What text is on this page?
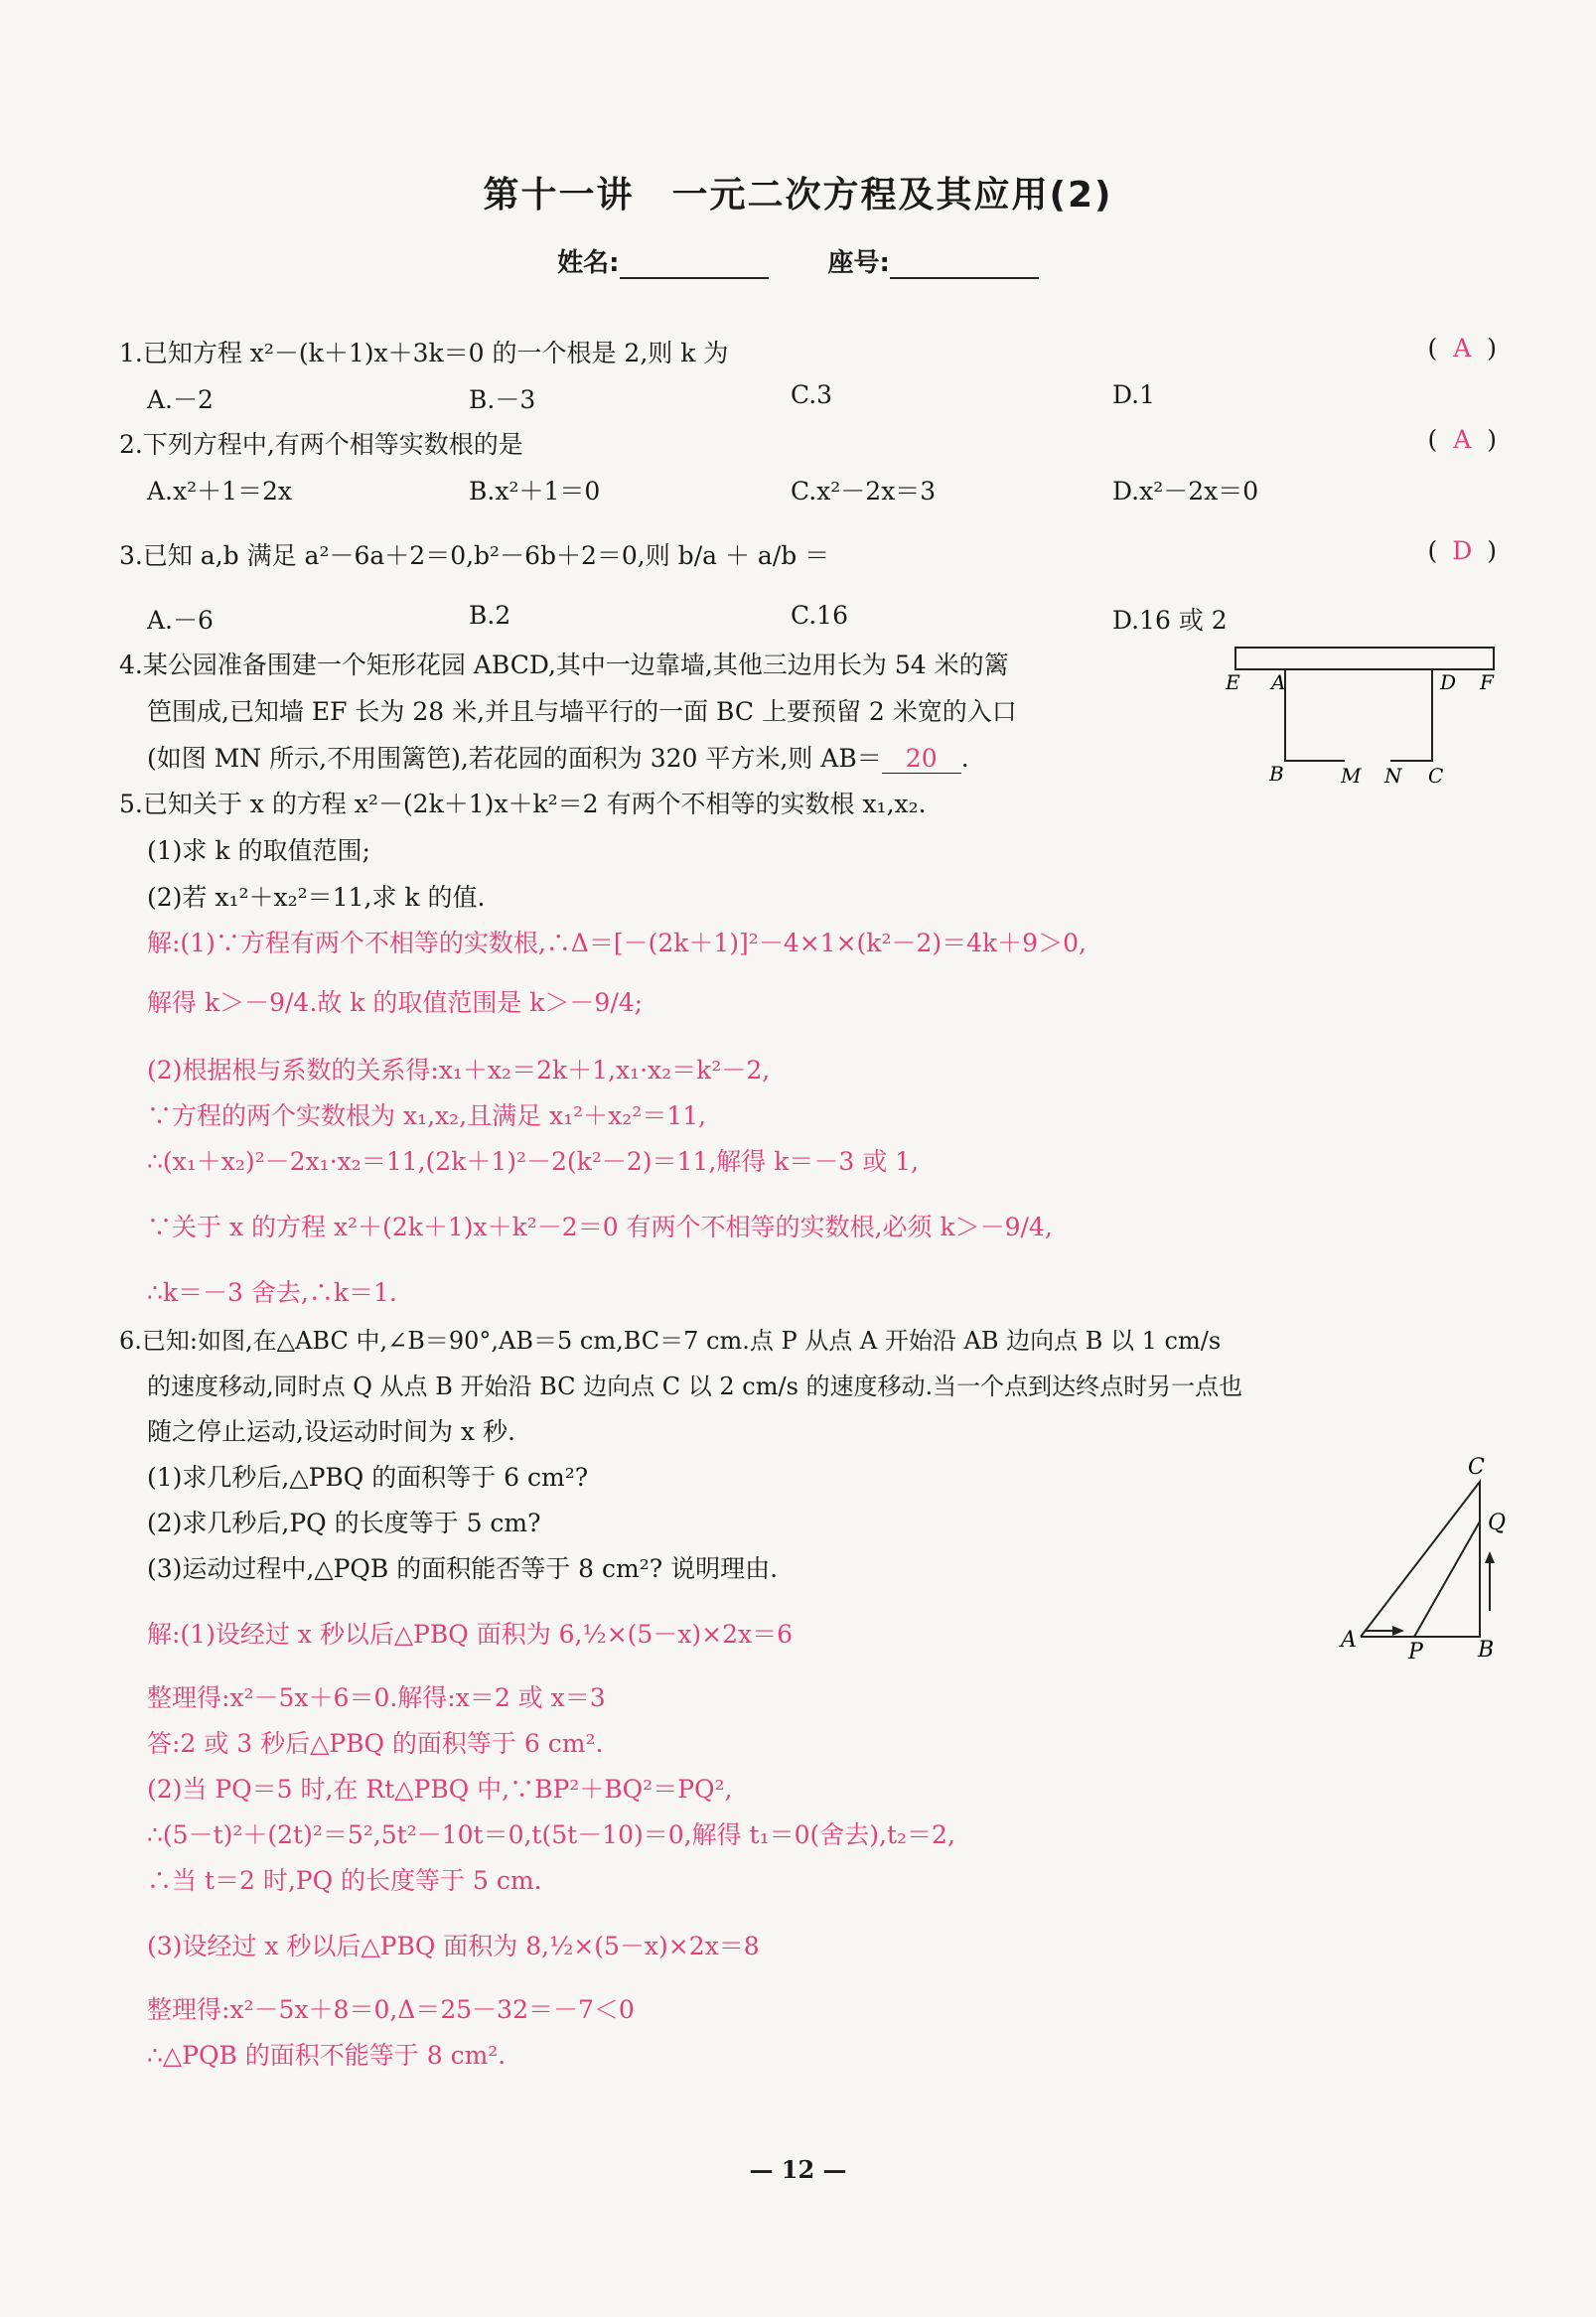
第十一讲　一元二次方程及其应用(2)
姓名:	座号:
1.已知方程 x²－(k＋1)x＋3k＝0 的一个根是 2,则 k 为	( A )
A.－2	B.－3	C.3	D.1
2.下列方程中,有两个相等实数根的是	( A )
A.x²＋1＝2x	B.x²＋1＝0	C.x²－2x＝3	D.x²－2x＝0
3.已知 a,b 满足 a²－6a＋2＝0,b²－6b＋2＝0,则 b/a ＋ a/b ＝	( D )
A.－6	B.2	C.16	D.16 或 2
4.某公园准备围建一个矩形花园 ABCD,其中一边靠墙,其他三边用长为 54 米的篱
笆围成,已知墙 EF 长为 28 米,并且与墙平行的一面 BC 上要预留 2 米宽的入口
(如图 MN 所示,不用围篱笆),若花园的面积为 320 平方米,则 AB＝ 20 .
E A	D F
B	M N C
5.已知关于 x 的方程 x²－(2k＋1)x＋k²＝2 有两个不相等的实数根 x₁,x₂.
(1)求 k 的取值范围;
(2)若 x₁²＋x₂²＝11,求 k 的值.
解:(1)∵方程有两个不相等的实数根,∴Δ＝[－(2k＋1)]²－4×1×(k²－2)＝4k＋9＞0,
解得 k＞－9/4.故 k 的取值范围是 k＞－9/4;
(2)根据根与系数的关系得:x₁＋x₂＝2k＋1,x₁·x₂＝k²－2,
∵方程的两个实数根为 x₁,x₂,且满足 x₁²＋x₂²＝11,
∴(x₁＋x₂)²－2x₁·x₂＝11,(2k＋1)²－2(k²－2)＝11,解得 k＝－3 或 1,
∵关于 x 的方程 x²＋(2k＋1)x＋k²－2＝0 有两个不相等的实数根,必须 k＞－9/4,
∴k＝－3 舍去,∴k＝1.
6.已知:如图,在△ABC 中,∠B＝90°,AB＝5 cm,BC＝7 cm.点 P 从点 A 开始沿 AB 边向点 B 以 1 cm/s
的速度移动,同时点 Q 从点 B 开始沿 BC 边向点 C 以 2 cm/s 的速度移动.当一个点到达终点时另一点也
随之停止运动,设运动时间为 x 秒.
(1)求几秒后,△PBQ 的面积等于 6 cm²?
(2)求几秒后,PQ 的长度等于 5 cm?
(3)运动过程中,△PQB 的面积能否等于 8 cm²? 说明理由.
C
Q
A P	B
解:(1)设经过 x 秒以后△PBQ 面积为 6,½×(5－x)×2x＝6
整理得:x²－5x＋6＝0.解得:x＝2 或 x＝3
答:2 或 3 秒后△PBQ 的面积等于 6 cm².
(2)当 PQ＝5 时,在 Rt△PBQ 中,∵BP²＋BQ²＝PQ²,
∴(5－t)²＋(2t)²＝5²,5t²－10t＝0,t(5t－10)＝0,解得 t₁＝0(舍去),t₂＝2,
∴当 t＝2 时,PQ 的长度等于 5 cm.
(3)设经过 x 秒以后△PBQ 面积为 8,½×(5－x)×2x＝8
整理得:x²－5x＋8＝0,Δ＝25－32＝－7＜0
∴△PQB 的面积不能等于 8 cm².
— 12 —
